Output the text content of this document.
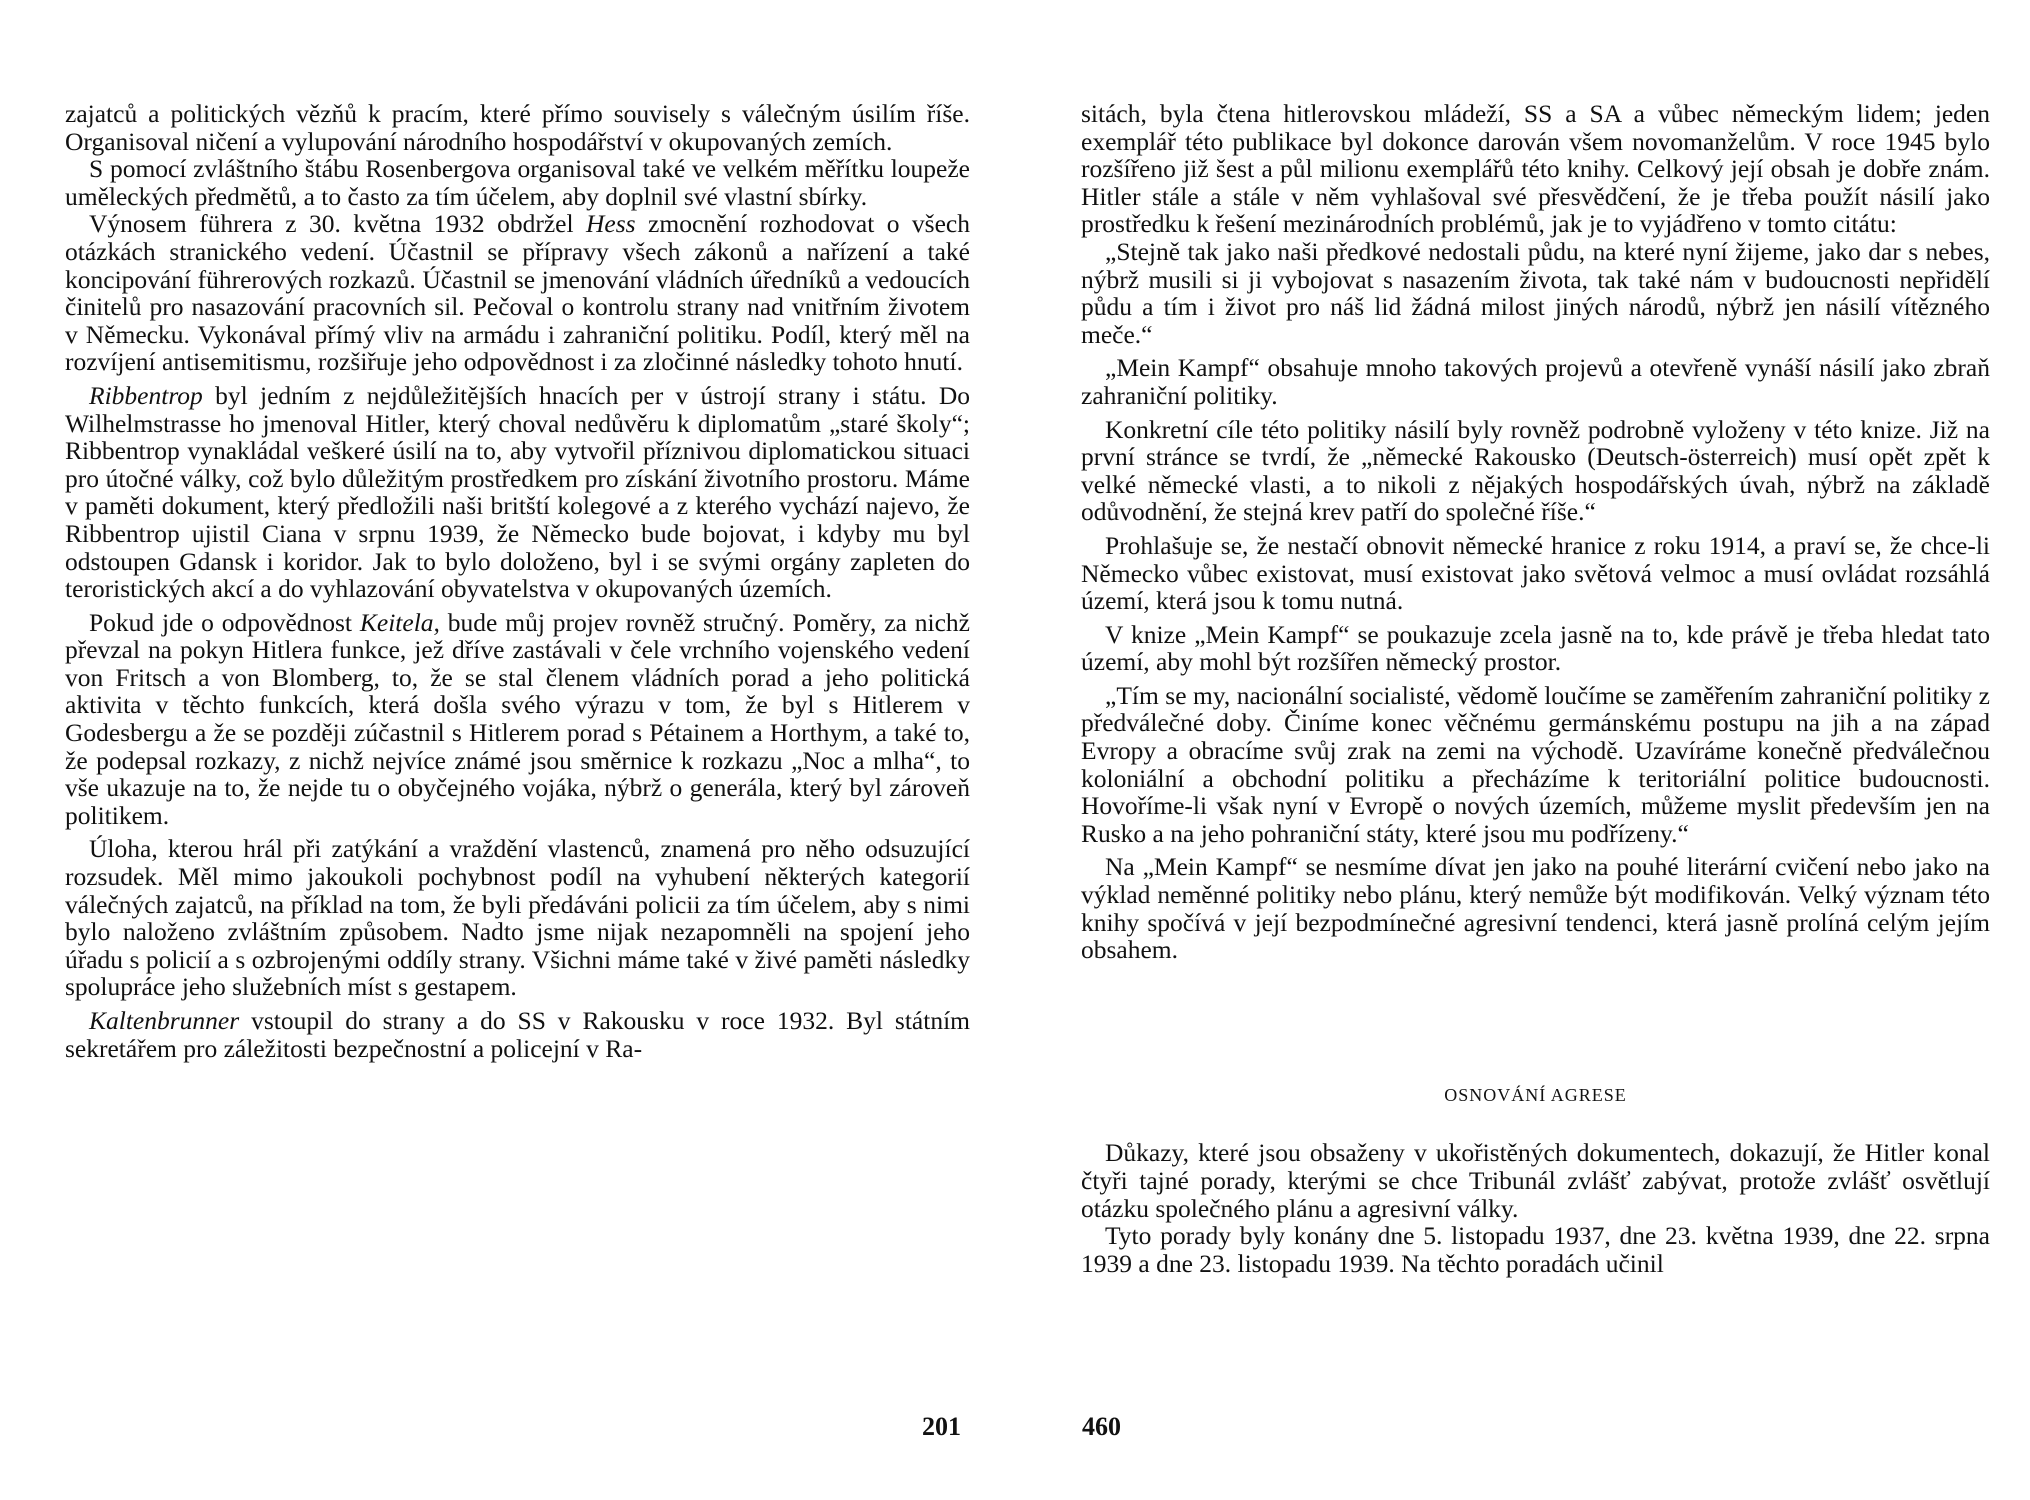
zajatců a politických vězňů k pracím, které přímo souvisely s válečným úsilím říše. Organisoval ničení a vylupování národního hospodářství v okupovaných zemích.

S pomocí zvláštního štábu Rosenbergova organisoval také ve velkém měřítku loupeže uměleckých předmětů, a to často za tím účelem, aby doplnil své vlastní sbírky.

Výnosem führera z 30. května 1932 obdržel Hess zmocnění rozhodovat o všech otázkách stranického vedení. Účastnil se přípravy všech zákonů a nařízení a také koncipování führerových rozkazů. Účastnil se jmenování vládních úředníků a vedoucích činitelů pro nasazování pracovních sil. Pečoval o kontrolu strany nad vnitřním životem v Německu. Vykonával přímý vliv na armádu i zahraniční politiku. Podíl, který měl na rozvíjení antisemitismu, rozšiřuje jeho odpovědnost i za zločinné následky tohoto hnutí.

Ribbentrop byl jedním z nejdůležitějších hnacích per v ústrojí strany i státu. Do Wilhelmstrasse ho jmenoval Hitler, který choval nedůvěru k diplomatům „staré školy“; Ribbentrop vynakládal veškeré úsilí na to, aby vytvořil příznivou diplomatickou situaci pro útočné války, což bylo důležitým prostředkem pro získání životního prostoru. Máme v paměti dokument, který předložili naši britští kolegové a z kterého vychází najevo, že Ribbentrop ujistil Ciana v srpnu 1939, že Německo bude bojovat, i kdyby mu byl odstoupen Gdansk i koridor. Jak to bylo doloženo, byl i se svými orgány zapleten do teroristických akcí a do vyhlazování obyvatelstva v okupovaných územích.

Pokud jde o odpovědnost Keitela, bude můj projev rovněž stručný. Poměry, za nichž převzal na pokyn Hitlera funkce, jež dříve zastávali v čele vrchního vojenského vedení von Fritsch a von Blomberg, to, že se stal členem vládních porad a jeho politická aktivita v těchto funkcích, která došla svého výrazu v tom, že byl s Hitlerem v Godesbergu a že se později zúčastnil s Hitlerem porad s Pétainem a Horthym, a také to, že podepsal rozkazy, z nichž nejvíce známé jsou směrnice k rozkazu „Noc a mlha“, to vše ukazuje na to, že nejde tu o obyčejného vojáka, nýbrž o generála, který byl zároveň politikem.

Úloha, kterou hrál při zatýkání a vraždění vlastenců, znamená pro něho odsuzující rozsudek. Měl mimo jakoukoli pochybnost podíl na vyhubení některých kategorií válečných zajatců, na příklad na tom, že byli předáváni policii za tím účelem, aby s nimi bylo naloženo zvláštním způsobem. Nadto jsme nijak nezapomněli na spojení jeho úřadu s policií a s ozbrojenými oddíly strany. Všichni máme také v živé paměti následky spolupráce jeho služebních míst s gestapem.

Kaltenbrunner vstoupil do strany a do SS v Rakousku v roce 1932. Byl státním sekretářem pro záležitosti bezpečnostní a policejní v Ra-

201

sitách, byla čtena hitlerovskou mládeží, SS a SA a vůbec německým lidem; jeden exemplář této publikace byl dokonce darován všem novomanželům. V roce 1945 bylo rozšířeno již šest a půl milionu exemplářů této knihy. Celkový její obsah je dobře znám. Hitler stále a stále v něm vyhlašoval své přesvědčení, že je třeba použít násilí jako prostředku k řešení mezinárodních problémů, jak je to vyjádřeno v tomto citátu:

„Stejně tak jako naši předkové nedostali půdu, na které nyní žijeme, jako dar s nebes, nýbrž musili si ji vybojovat s nasazením života, tak také nám v budoucnosti nepřidělí půdu a tím i život pro náš lid žádná milost jiných národů, nýbrž jen násilí vítězného meče.“

„Mein Kampf“ obsahuje mnoho takových projevů a otevřeně vynáší násilí jako zbraň zahraniční politiky.

Konkretní cíle této politiky násilí byly rovněž podrobně vyloženy v této knize. Již na první stránce se tvrdí, že „německé Rakousko (Deutsch-österreich) musí opět zpět k velké německé vlasti, a to nikoli z nějakých hospodářských úvah, nýbrž na základě odůvodnění, že stejná krev patří do společné říše.“

Prohlašuje se, že nestačí obnovit německé hranice z roku 1914, a praví se, že chce-li Německo vůbec existovat, musí existovat jako světová velmoc a musí ovládat rozsáhlá území, která jsou k tomu nutná.

V knize „Mein Kampf“ se poukazuje zcela jasně na to, kde právě je třeba hledat tato území, aby mohl být rozšířen německý prostor.

„Tím se my, nacionální socialisté, vědomě loučíme se zaměřením zahraniční politiky z předválečné doby. Činíme konec věčnému germánskému postupu na jih a na západ Evropy a obracíme svůj zrak na zemi na východě. Uzavíráme konečně předválečnou koloniální a obchodní politiku a přecházíme k teritoriální politice budoucnosti. Hovoříme-li však nyní v Evropě o nových územích, můžeme myslit především jen na Rusko a na jeho pohraniční státy, které jsou mu podřízeny.“

Na „Mein Kampf“ se nesmíme dívat jen jako na pouhé literární cvičení nebo jako na výklad neměnné politiky nebo plánu, který nemůže být modifikován. Velký význam této knihy spočívá v její bezpodmínečné agresivní tendenci, která jasně prolíná celým jejím obsahem.

OSNOVÁNÍ AGRESE

Důkazy, které jsou obsaženy v ukořistěných dokumentech, dokazují, že Hitler konal čtyři tajné porady, kterými se chce Tribunál zvlášť zabývat, protože zvlášť osvětlují otázku společného plánu a agresivní války.

Tyto porady byly konány dne 5. listopadu 1937, dne 23. května 1939, dne 22. srpna 1939 a dne 23. listopadu 1939. Na těchto poradách učinil

460
